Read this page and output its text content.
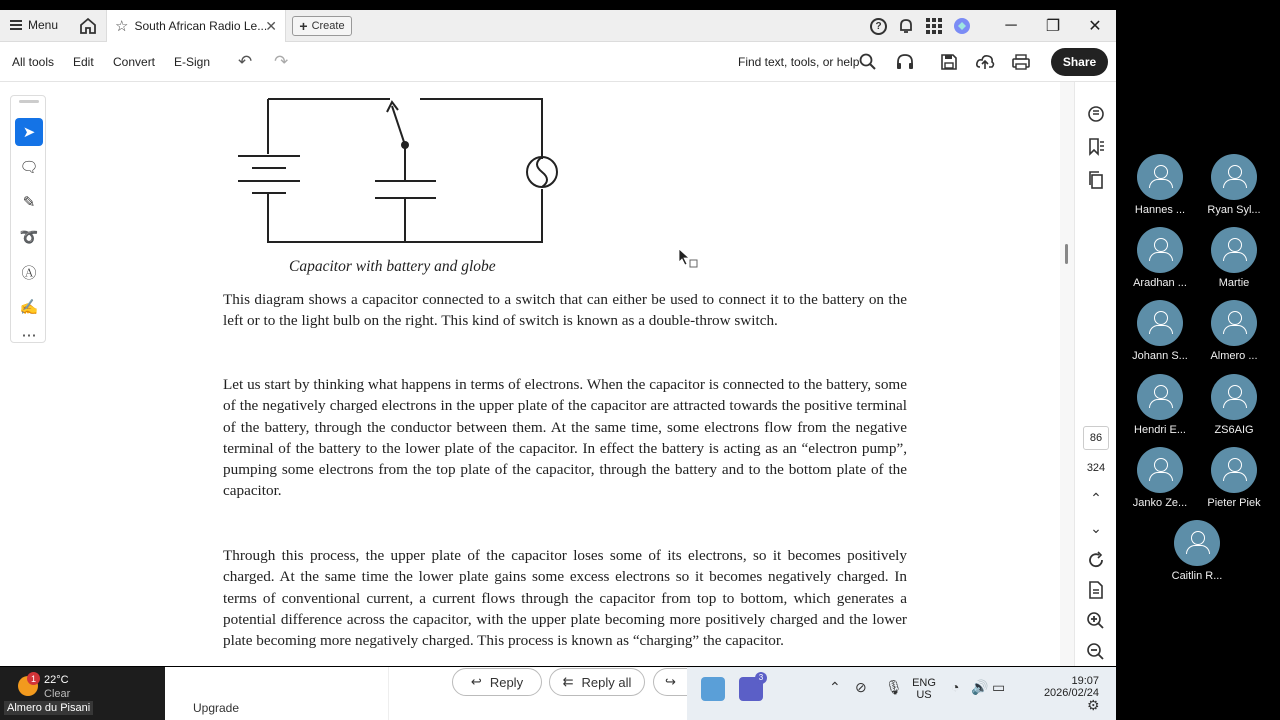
Menu	☆ South African Radio Le...
✕ + Create	?	─	❐	✕
All tools Edit Convert E-Sign ↶ ↷	Find text, tools, or help	Share
➤
🗨
✎
➰
Ⓐ
✍
⋯
Capacitor with battery and globe

This diagram shows a capacitor connected to a switch that can either be used to connect it to the battery on the left or to the light bulb on the right. This kind of switch is known as a double-throw switch.

Let us start by thinking what happens in terms of electrons. When the capacitor is connected to the battery, some of the negatively charged electrons in the upper plate of the capacitor are attracted towards the positive terminal of the battery, through the conductor between them. At the same time, some electrons flow from the negative terminal of the battery to the lower plate of the capacitor. In effect the battery is acting as an “electron pump”, pumping some electrons from the top plate of the capacitor, through the battery and to the bottom plate of the capacitor.

Through this process, the upper plate of the capacitor loses some of its electrons, so it becomes positively charged. At the same time the lower plate gains some excess electrons so it becomes negatively charged. In terms of conventional current, a current flows through the capacitor from top to bottom, which generates a potential difference across the capacitor, with the upper plate becoming more positively charged and the lower plate becoming more negatively charged. This process is known as “charging” the capacitor.

86
324
⌃
⌄
Hannes ...	Ryan Syl...
Aradhan ...	Martie
Johann S...	Almero ...
Hendri E...	ZS6AIG
Janko Ze...	Pieter Piek
Caitlin R...
1 22°C
Clear
Almero du Pisani	Upgrade
↩ Reply	⇇ Reply all	↪	3
⌃ ⊘ 🎙 ENG
US	◔ 🔊 ▭	19:07
2026/02/24
⚙
